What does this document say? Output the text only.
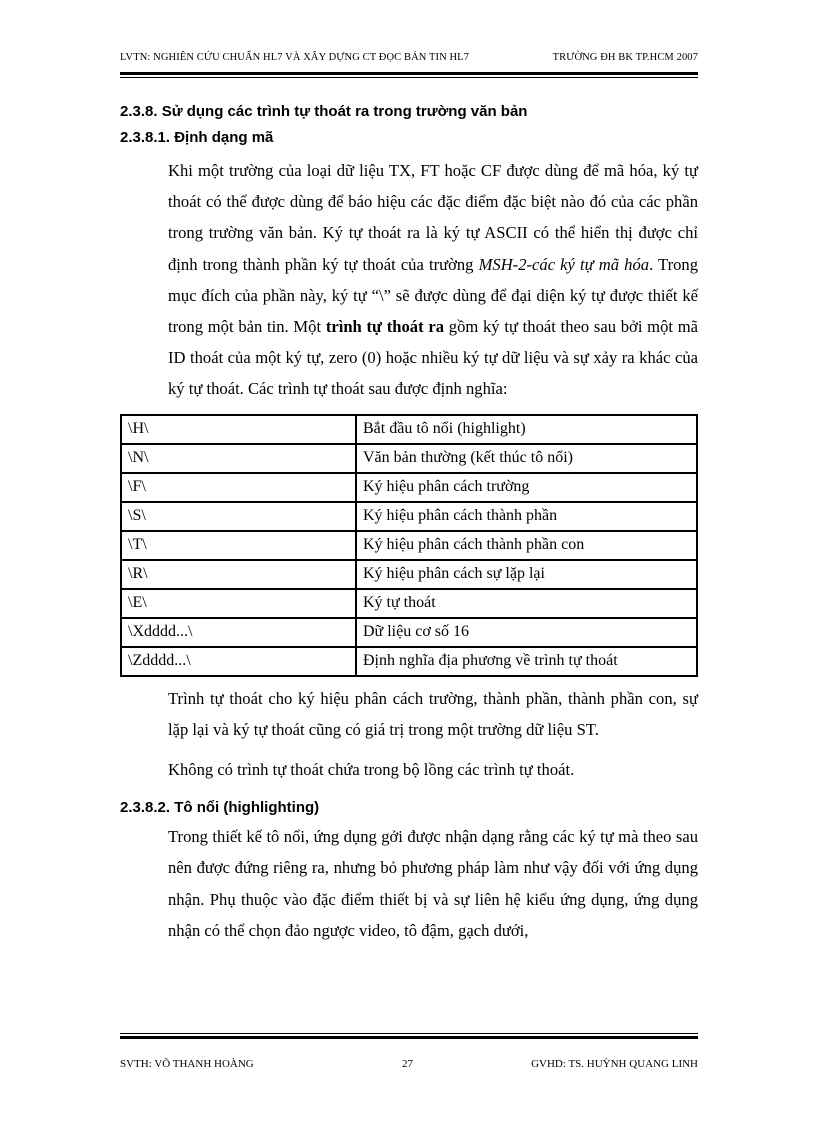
LVTN: NGHIÊN CỨU CHUẨN HL7 VÀ XÂY DỰNG CT ĐỌC BẢN TIN HL7	TRƯỜNG ĐH BK TP.HCM 2007
2.3.8. Sử dụng các trình tự thoát ra trong trường văn bản
2.3.8.1. Định dạng mã

Khi một trường của loại dữ liệu TX, FT hoặc CF được dùng để mã hóa, ký tự thoát có thể được dùng để báo hiệu các đặc điểm đặc biệt nào đó của các phần trong trường văn bản. Ký tự thoát ra là ký tự ASCII có thể hiển thị được chỉ định trong thành phần ký tự thoát của trường MSH-2-các ký tự mã hóa. Trong mục đích của phần này, ký tự “\” sẽ được dùng để đại diện ký tự được thiết kế trong một bản tin. Một trình tự thoát ra gồm ký tự thoát theo sau bởi một mã ID thoát của một ký tự, zero (0) hoặc nhiều ký tự dữ liệu và sự xảy ra khác của ký tự thoát. Các trình tự thoát sau được định nghĩa:

\H\	Bắt đầu tô nổi (highlight)
\N\	Văn bản thường (kết thúc tô nổi)
\F\	Ký hiệu phân cách trường
\S\	Ký hiệu phân cách thành phần
\T\	Ký hiệu phân cách thành phần con
\R\	Ký hiệu phân cách sự lặp lại
\E\	Ký tự thoát
\Xdddd...\	Dữ liệu cơ số 16
\Zdddd...\	Định nghĩa địa phương về trình tự thoát

Trình tự thoát cho ký hiệu phân cách trường, thành phần, thành phần con, sự lặp lại và ký tự thoát cũng có giá trị trong một trường dữ liệu ST.

Không có trình tự thoát chứa trong bộ lồng các trình tự thoát.

2.3.8.2. Tô nổi (highlighting)

Trong thiết kế tô nổi, ứng dụng gởi được nhận dạng rằng các ký tự mà theo sau nên được đứng riêng ra, nhưng bỏ phương pháp làm như vậy đối với ứng dụng nhận. Phụ thuộc vào đặc điểm thiết bị và sự liên hệ kiểu ứng dụng, ứng dụng nhận có thể chọn đảo ngược video, tô đậm, gạch dưới,

SVTH: VÕ THANH HOÀNG	27	GVHD: TS. HUỲNH QUANG LINH
